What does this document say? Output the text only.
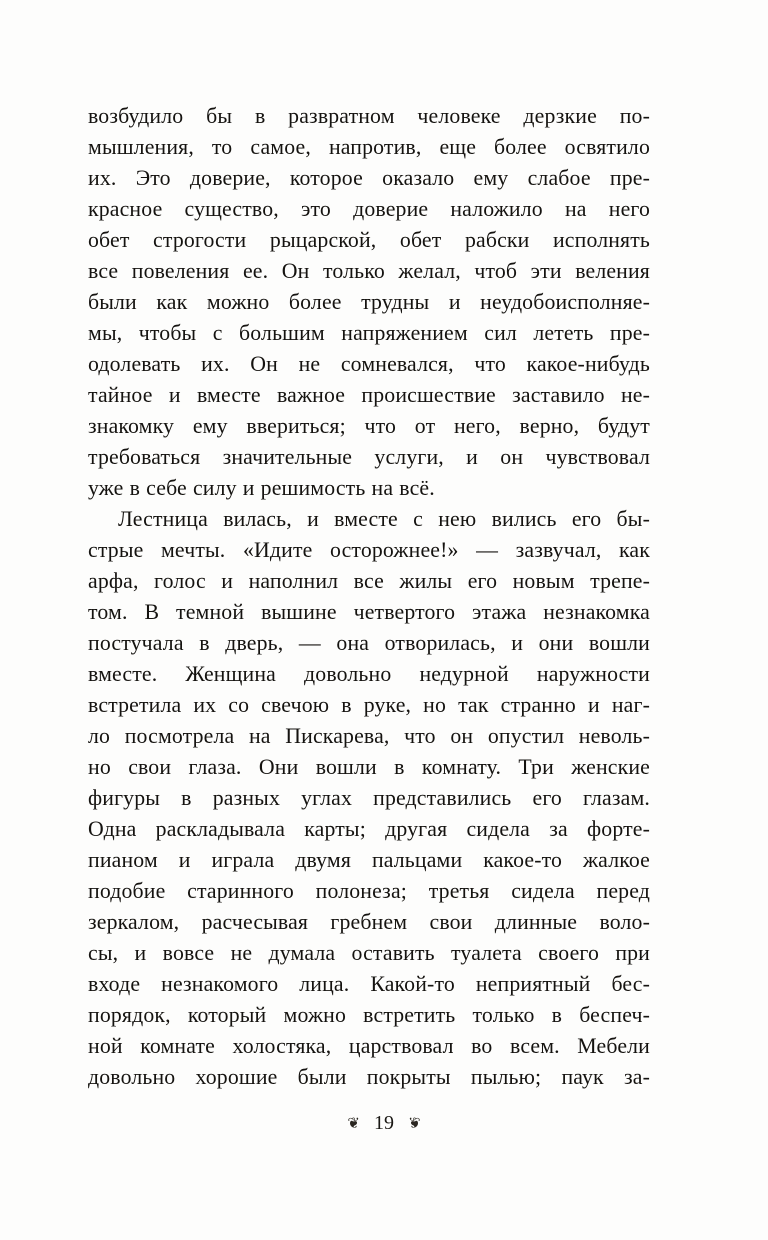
возбудило бы в развратном человеке дерзкие по-
мышления, то самое, напротив, еще более освятило
их. Это доверие, которое оказало ему слабое пре-
красное существо, это доверие наложило на него
обет строгости рыцарской, обет рабски исполнять
все повеления ее. Он только желал, чтоб эти веления
были как можно более трудны и неудобоисполняе-
мы, чтобы с большим напряжением сил лететь пре-
одолевать их. Он не сомневался, что какое-нибудь
тайное и вместе важное происшествие заставило не-
знакомку ему ввериться; что от него, верно, будут
требоваться значительные услуги, и он чувствовал
уже в себе силу и решимость на всё.
Лестница вилась, и вместе с нею вились его бы-
стрые мечты. «Идите осторожнее!» — зазвучал, как
арфа, голос и наполнил все жилы его новым трепе-
том. В темной вышине четвертого этажа незнакомка
постучала в дверь, — она отворилась, и они вошли
вместе. Женщина довольно недурной наружности
встретила их со свечою в руке, но так странно и наг-
ло посмотрела на Пискарева, что он опустил неволь-
но свои глаза. Они вошли в комнату. Три женские
фигуры в разных углах представились его глазам.
Одна раскладывала карты; другая сидела за форте-
пианом и играла двумя пальцами какое-то жалкое
подобие старинного полонеза; третья сидела перед
зеркалом, расчесывая гребнем свои длинные воло-
сы, и вовсе не думала оставить туалета своего при
входе незнакомого лица. Какой-то неприятный бес-
порядок, который можно встретить только в беспеч-
ной комнате холостяка, царствовал во всем. Мебели
довольно хорошие были покрыты пылью; паук за-
❦ 19 ❦
